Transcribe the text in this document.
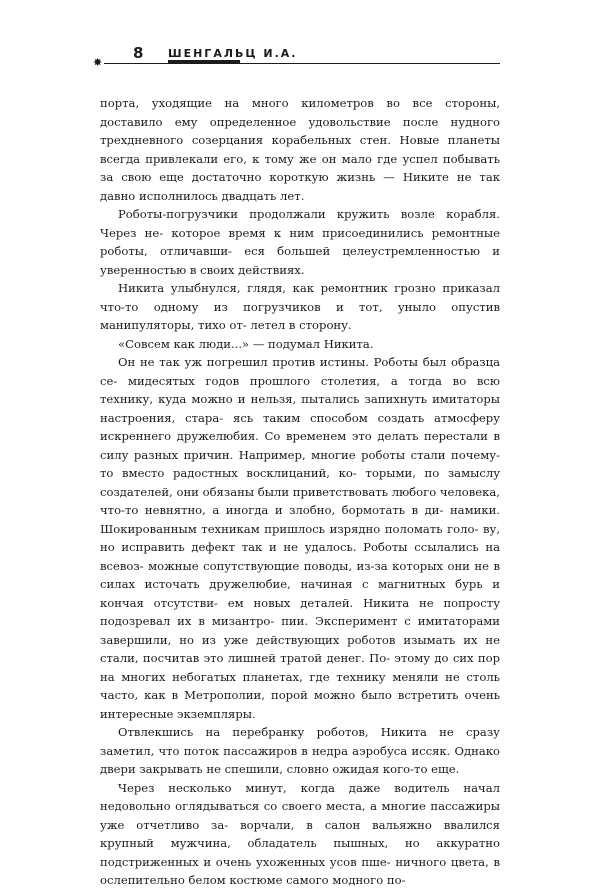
✸
8 ШЕНГАЛЬЦ И.А.

порта, уходящие на много километров во все стороны, доставило ему определенное удовольствие после нудного трехдневного созерцания корабельных стен. Новые планеты всегда привлекали его, к тому же он мало где успел побывать за свою еще достаточно короткую жизнь — Никите не так давно исполнилось двадцать лет.

Роботы-погрузчики продолжали кружить возле корабля. Через не- которое время к ним присоединились ремонтные роботы, отличавши- еся большей целеустремленностью и уверенностью в своих действиях.

Никита улыбнулся, глядя, как ремонтник грозно приказал что-то одному из погрузчиков и тот, уныло опустив манипуляторы, тихо от- летел в сторону.

«Совсем как люди...» — подумал Никита.

Он не так уж погрешил против истины. Роботы был образца се- мидесятых годов прошлого столетия, а тогда во всю технику, куда можно и нельзя, пытались запихнуть имитаторы настроения, стара- ясь таким способом создать атмосферу искреннего дружелюбия. Со временем это делать перестали в силу разных причин. Например, многие роботы стали почему-то вместо радостных восклицаний, ко- торыми, по замыслу создателей, они обязаны были приветствовать любого человека, что-то невнятно, а иногда и злобно, бормотать в ди- намики. Шокированным техникам пришлось изрядно поломать голо- ву, но исправить дефект так и не удалось. Роботы ссылались на всевоз- можные сопутствующие поводы, из-за которых они не в силах источать дружелюбие, начиная с магнитных бурь и кончая отсутстви- ем новых деталей. Никита не попросту подозревал их в мизантро- пии. Эксперимент с имитаторами завершили, но из уже действующих роботов изымать их не стали, посчитав это лишней тратой денег. По- этому до сих пор на многих небогатых планетах, где технику меняли не столь часто, как в Метрополии, порой можно было встретить очень интересные экземпляры.

Отвлекшись на перебранку роботов, Никита не сразу заметил, что поток пассажиров в недра аэробуса иссяк. Однако двери закрывать не спешили, словно ожидая кого-то еще.

Через несколько минут, когда даже водитель начал недовольно оглядываться со своего места, а многие пассажиры уже отчетливо за- ворчали, в салон вальяжно ввалился крупный мужчина, обладатель пышных, но аккуратно подстриженных и очень ухоженных усов пше- ничного цвета, в ослепительно белом костюме самого модного по-
